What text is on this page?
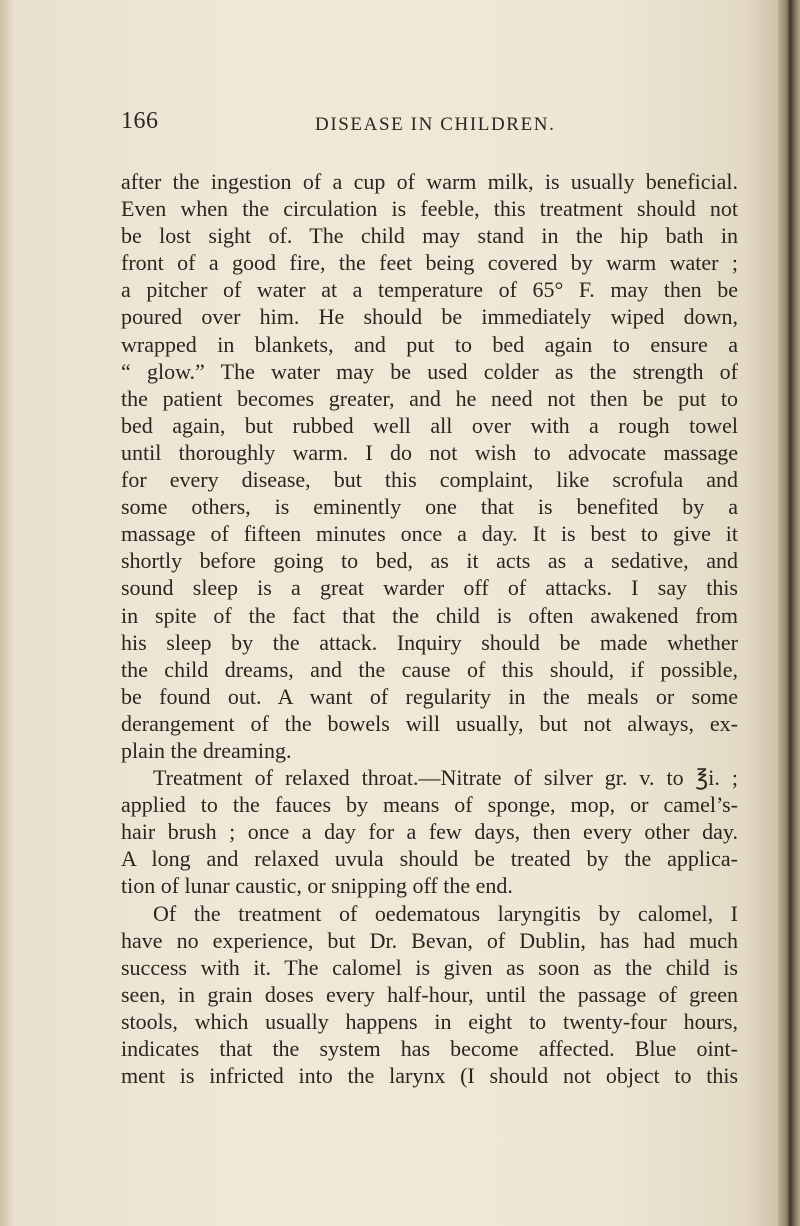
166	DISEASE IN CHILDREN.
after the ingestion of a cup of warm milk, is usually beneficial.
Even when the circulation is feeble, this treatment should not
be lost sight of. The child may stand in the hip bath in
front of a good fire, the feet being covered by warm water ;
a pitcher of water at a temperature of 65° F. may then be
poured over him. He should be immediately wiped down,
wrapped in blankets, and put to bed again to ensure a
“ glow.” The water may be used colder as the strength of
the patient becomes greater, and he need not then be put to
bed again, but rubbed well all over with a rough towel
until thoroughly warm. I do not wish to advocate massage
for every disease, but this complaint, like scrofula and
some others, is eminently one that is benefited by a
massage of fifteen minutes once a day. It is best to give it
shortly before going to bed, as it acts as a sedative, and
sound sleep is a great warder off of attacks. I say this
in spite of the fact that the child is often awakened from
his sleep by the attack. Inquiry should be made whether
the child dreams, and the cause of this should, if possible,
be found out. A want of regularity in the meals or some
derangement of the bowels will usually, but not always, ex-
plain the dreaming.
Treatment of relaxed throat.—Nitrate of silver gr. v. to ℥i. ;
applied to the fauces by means of sponge, mop, or camel’s-
hair brush ; once a day for a few days, then every other day.
A long and relaxed uvula should be treated by the applica-
tion of lunar caustic, or snipping off the end.
Of the treatment of oedematous laryngitis by calomel, I
have no experience, but Dr. Bevan, of Dublin, has had much
success with it. The calomel is given as soon as the child is
seen, in grain doses every half-hour, until the passage of green
stools, which usually happens in eight to twenty-four hours,
indicates that the system has become affected. Blue oint-
ment is infricted into the larynx (I should not object to this
